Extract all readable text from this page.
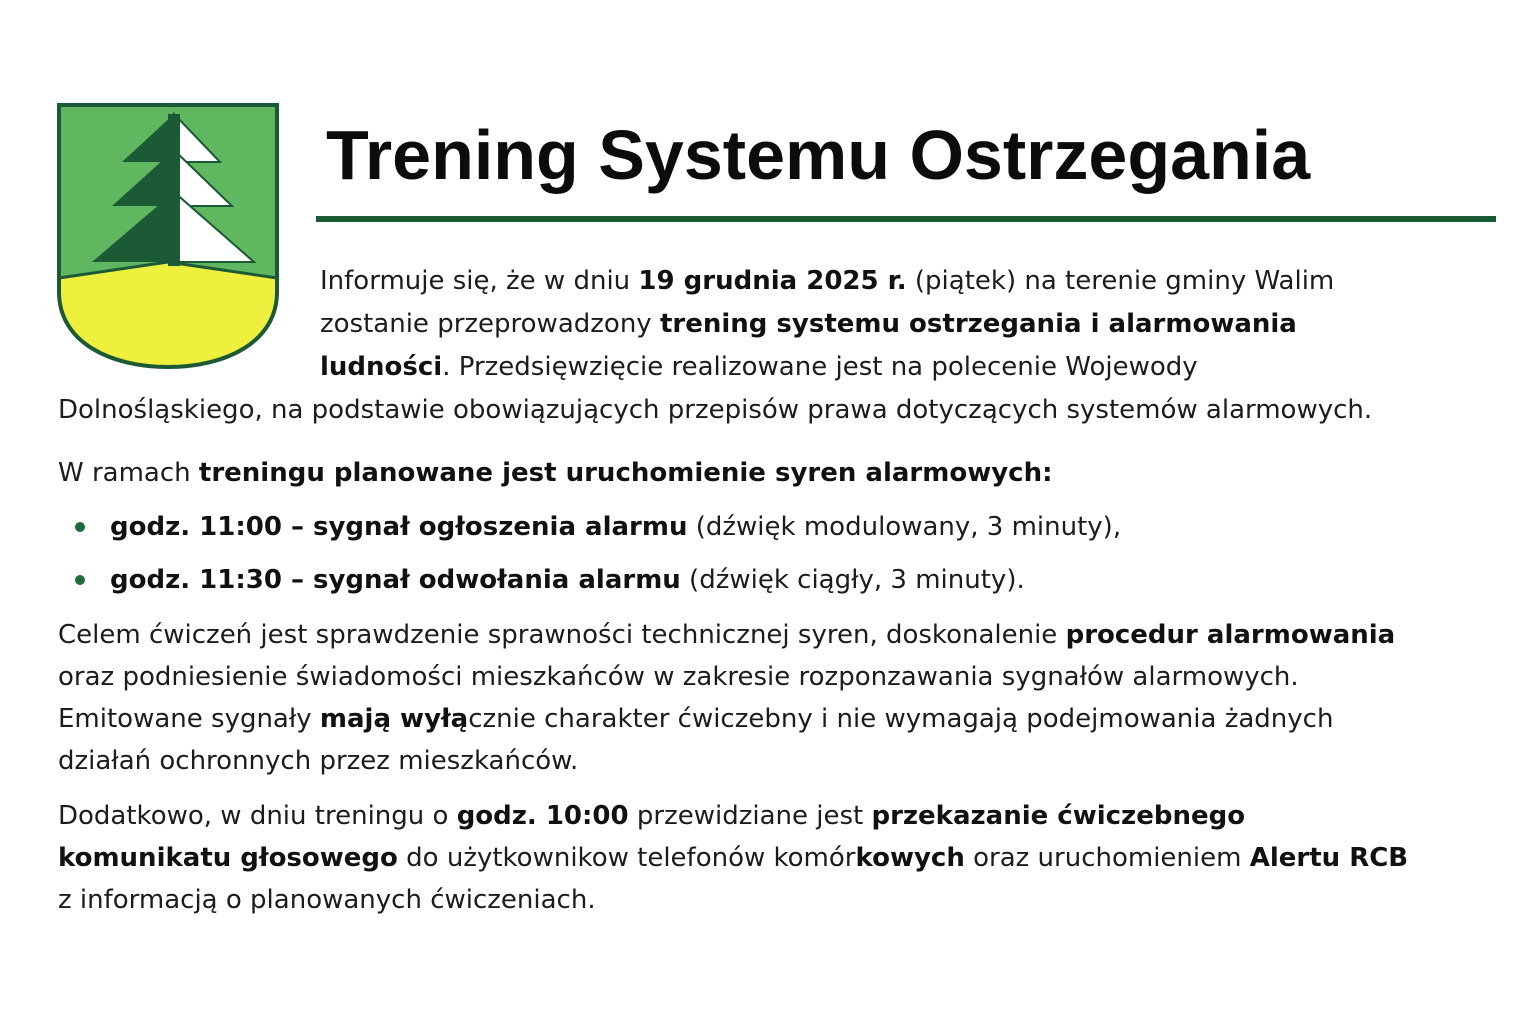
Trening Systemu Ostrzegania
Informuje się, że w dniu 19 grudnia 2025 r. (piątek) na terenie gminy Walim
zostanie przeprowadzony trening systemu ostrzegania i alarmowania
ludności. Przedsięwzięcie realizowane jest na polecenie Wojewody
Dolnośląskiego, na podstawie obowiązujących przepisów prawa dotyczących systemów alarmowych.
W ramach treningu planowane jest uruchomienie syren alarmowych:
godz. 11:00 – sygnał ogłoszenia alarmu (dźwięk modulowany, 3 minuty),
godz. 11:30 – sygnał odwołania alarmu (dźwięk ciągły, 3 minuty).
Celem ćwiczeń jest sprawdzenie sprawności technicznej syren, doskonalenie procedur alarmowania
oraz podniesienie świadomości mieszkańców w zakresie rozponzawania sygnałów alarmowych.
Emitowane sygnały mają wyłącznie charakter ćwiczebny i nie wymagają podejmowania żadnych
działań ochronnych przez mieszkańców.
Dodatkowo, w dniu treningu o godz. 10:00 przewidziane jest przekazanie ćwiczebnego
komunikatu głosowego do użytkownikow telefonów komórkowych oraz uruchomieniem Alertu RCB
z informacją o planowanych ćwiczeniach.
